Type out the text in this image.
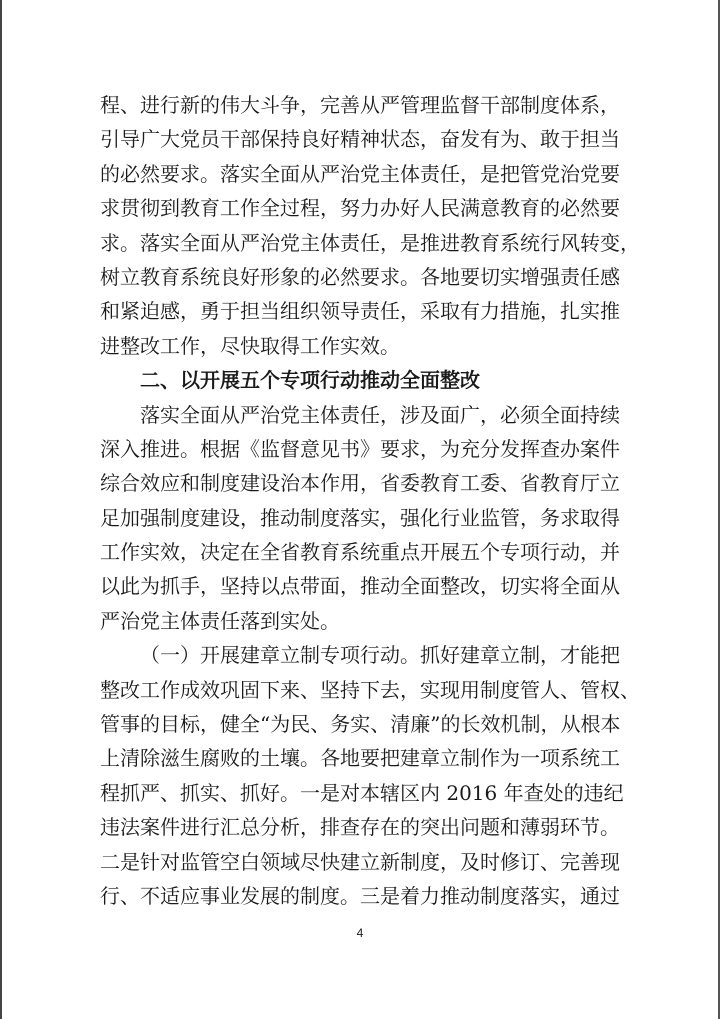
程、进行新的伟大斗争，完善从严管理监督干部制度体系，
引导广大党员干部保持良好精神状态，奋发有为、敢于担当
的必然要求。落实全面从严治党主体责任，是把管党治党要
求贯彻到教育工作全过程，努力办好人民满意教育的必然要
求。落实全面从严治党主体责任，是推进教育系统行风转变，
树立教育系统良好形象的必然要求。各地要切实增强责任感
和紧迫感，勇于担当组织领导责任，采取有力措施，扎实推
进整改工作，尽快取得工作实效。
二、以开展五个专项行动推动全面整改
落实全面从严治党主体责任，涉及面广，必须全面持续
深入推进。根据《监督意见书》要求，为充分发挥查办案件
综合效应和制度建设治本作用，省委教育工委、省教育厅立
足加强制度建设，推动制度落实，强化行业监管，务求取得
工作实效，决定在全省教育系统重点开展五个专项行动，并
以此为抓手，坚持以点带面，推动全面整改，切实将全面从
严治党主体责任落到实处。
（一）开展建章立制专项行动。抓好建章立制，才能把
整改工作成效巩固下来、坚持下去，实现用制度管人、管权、
管事的目标，健全“为民、务实、清廉”的长效机制，从根本
上清除滋生腐败的土壤。各地要把建章立制作为一项系统工
程抓严、抓实、抓好。一是对本辖区内 2016 年查处的违纪
违法案件进行汇总分析，排查存在的突出问题和薄弱环节。
二是针对监管空白领域尽快建立新制度，及时修订、完善现
行、不适应事业发展的制度。三是着力推动制度落实，通过
4
